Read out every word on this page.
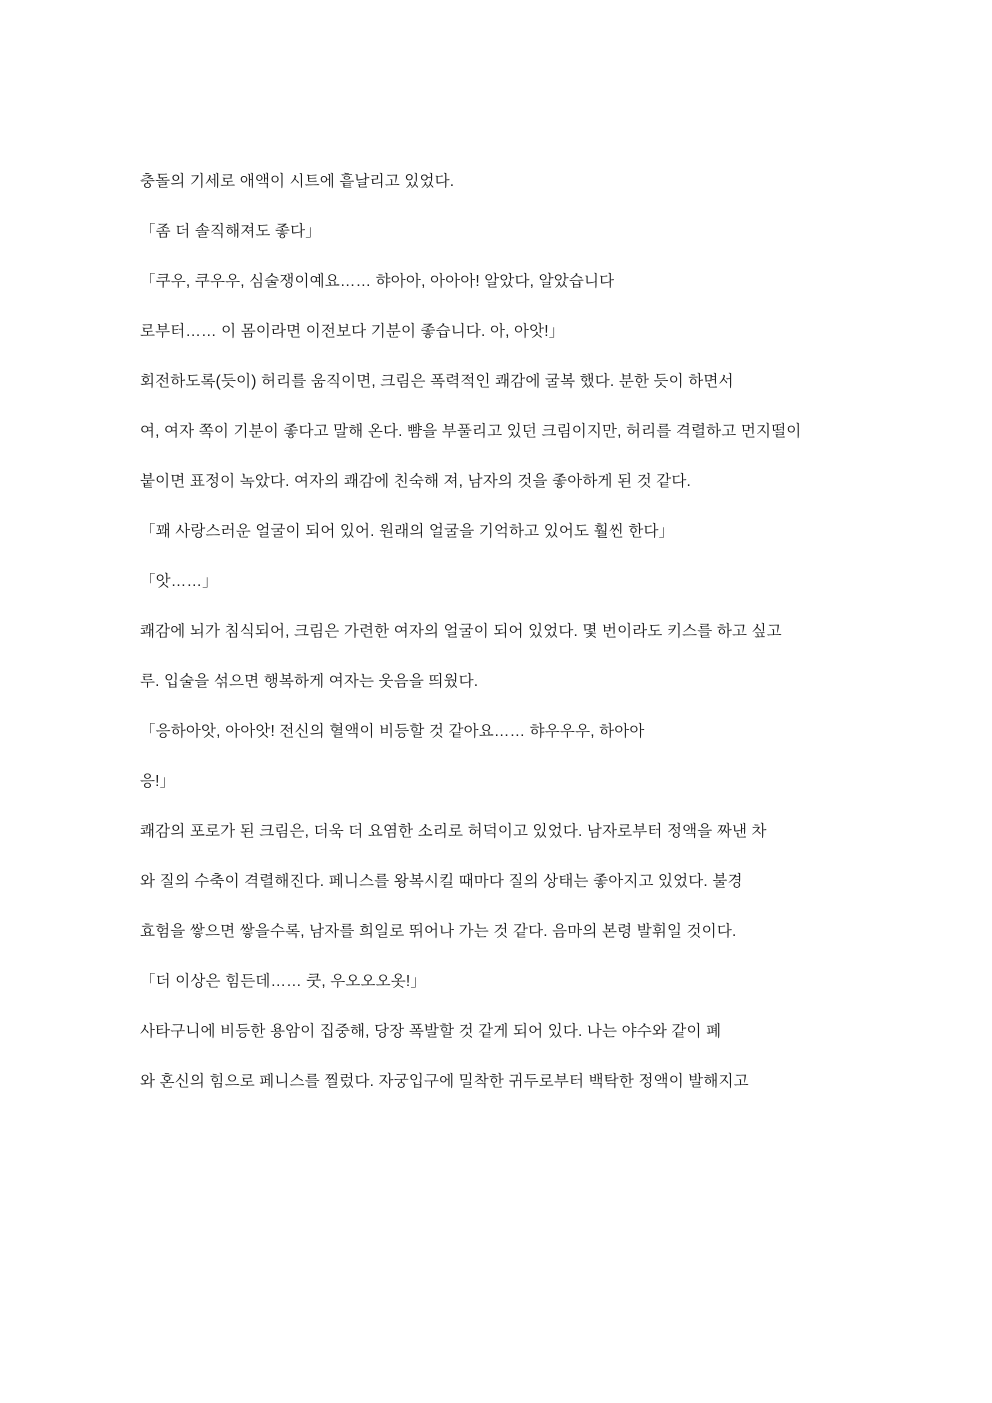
충돌의 기세로 애액이 시트에 흩날리고 있었다.

「좀 더 솔직해져도 좋다」

「쿠우, 쿠우우, 심술쟁이예요…… 햐아아, 아아아! 알았다, 알았습니다

로부터…… 이 몸이라면 이전보다 기분이 좋습니다. 아, 아앗!」

회전하도록(듯이) 허리를 움직이면, 크림은 폭력적인 쾌감에 굴복 했다. 분한 듯이 하면서

여, 여자 쪽이 기분이 좋다고 말해 온다. 뺨을 부풀리고 있던 크림이지만, 허리를 격렬하고 먼지떨이

붙이면 표정이 녹았다. 여자의 쾌감에 친숙해 져, 남자의 것을 좋아하게 된 것 같다.

「꽤 사랑스러운 얼굴이 되어 있어. 원래의 얼굴을 기억하고 있어도 훨씬 한다」

「앗……」

쾌감에 뇌가 침식되어, 크림은 가련한 여자의 얼굴이 되어 있었다. 몇 번이라도 키스를 하고 싶고

루. 입술을 섞으면 행복하게 여자는 웃음을 띄웠다.

「응하아앗, 아아앗! 전신의 혈액이 비등할 것 같아요…… 햐우우우, 하아아

응!」

쾌감의 포로가 된 크림은, 더욱 더 요염한 소리로 허덕이고 있었다. 남자로부터 정액을 짜낸 차

와 질의 수축이 격렬해진다. 페니스를 왕복시킬 때마다 질의 상태는 좋아지고 있었다. 불경

효험을 쌓으면 쌓을수록, 남자를 희일로 뛰어나 가는 것 같다. 음마의 본령 발휘일 것이다.

「더 이상은 힘든데…… 쿳, 우오오오옷!」

사타구니에 비등한 용암이 집중해, 당장 폭발할 것 같게 되어 있다. 나는 야수와 같이 폐

와 혼신의 힘으로 페니스를 찔렀다. 자궁입구에 밀착한 귀두로부터 백탁한 정액이 발해지고
